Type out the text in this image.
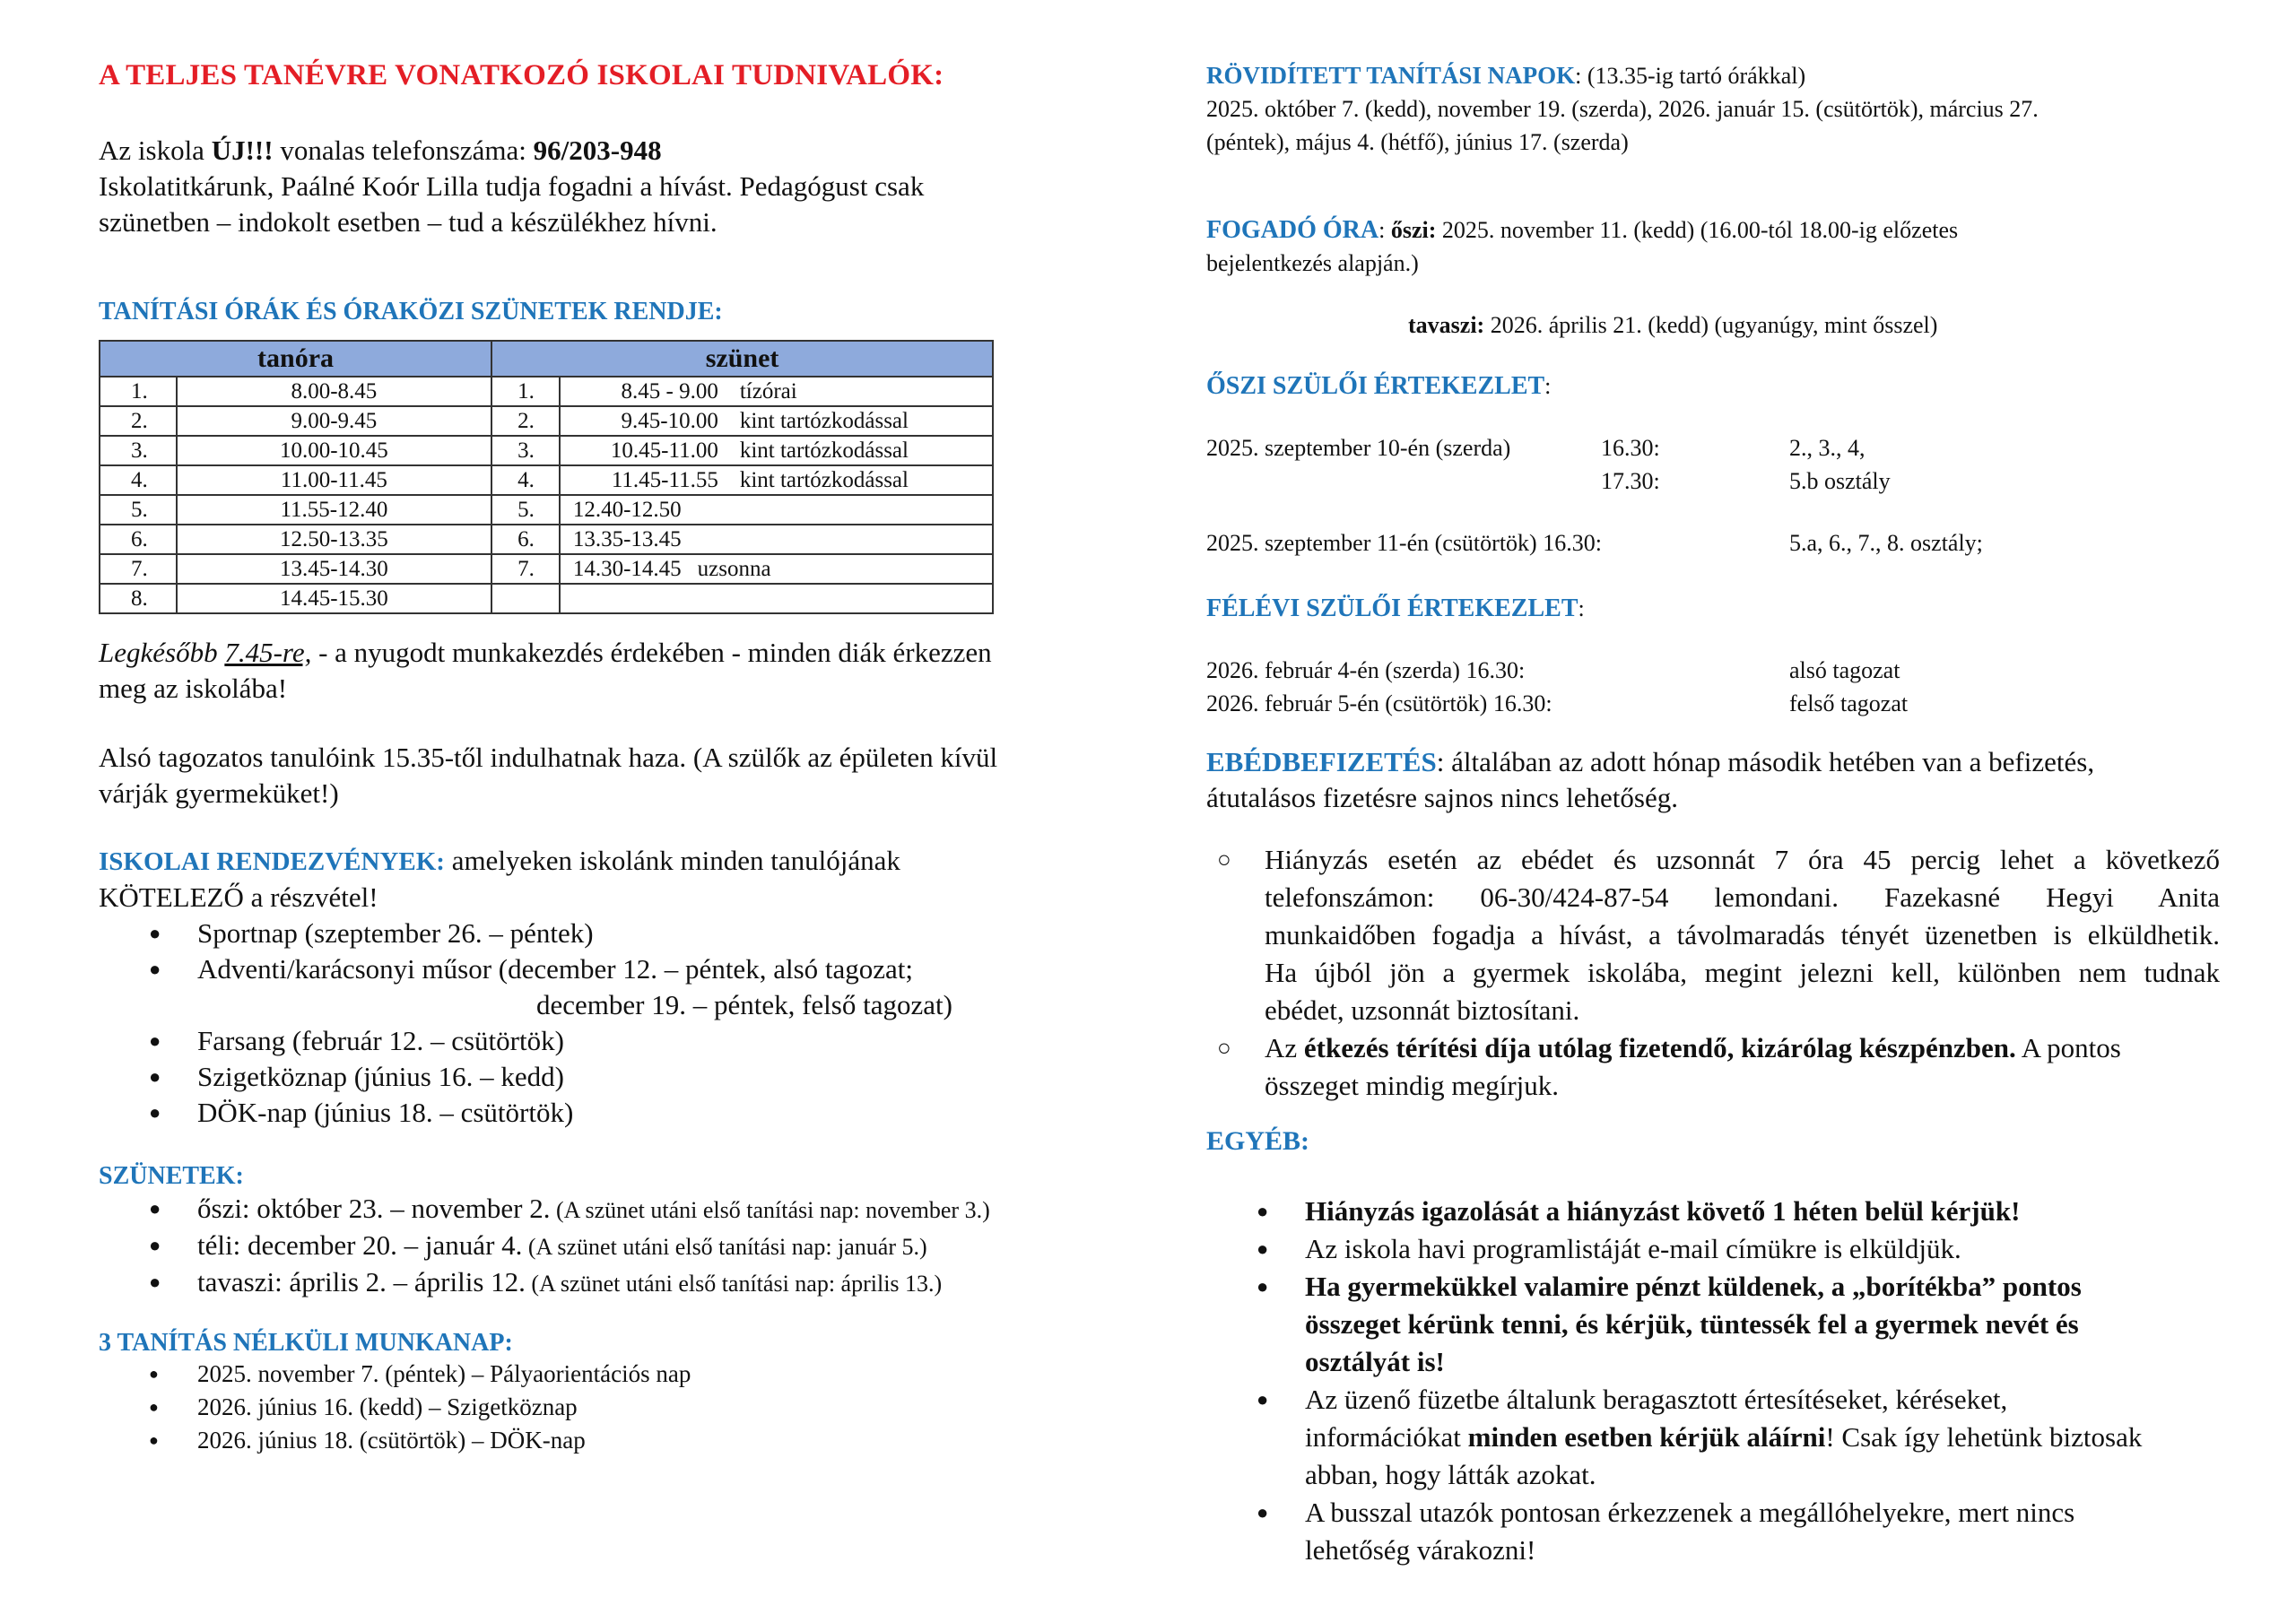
A TELJES TANÉVRE VONATKOZÓ ISKOLAI TUDNIVALÓK:
Az iskola ÚJ!!! vonalas telefonszáma: 96/203-948
Iskolatitkárunk, Paálné Koór Lilla tudja fogadni a hívást. Pedagógust csak
szünetben – indokolt esetben – tud a készülékhez hívni.
TANÍTÁSI ÓRÁK ÉS ÓRAKÖZI SZÜNETEK RENDJE:
tanóra		szünet	
1.	8.00-8.45	1.	8.45 - 9.00 tízórai
2.	9.00-9.45	2.	9.45-10.00 kint tartózkodással
3.	10.00-10.45	3.	10.45-11.00 kint tartózkodással
4.	11.00-11.45	4.	11.45-11.55 kint tartózkodással
5.	11.55-12.40	5.	12.40-12.50
6.	12.50-13.35	6.	13.35-13.45
7.	13.45-14.30	7.	14.30-14.45 uzsonna
8.	14.45-15.30		
Legkésőbb 7.45-re, - a nyugodt munkakezdés érdekében - minden diák érkezzen
meg az iskolába!
Alsó tagozatos tanulóink 15.35-től indulhatnak haza. (A szülők az épületen kívül
várják gyermeküket!)
ISKOLAI RENDEZVÉNYEK: amelyeken iskolánk minden tanulójának
KÖTELEZŐ a részvétel!
● Sportnap (szeptember 26. – péntek)
● Adventi/karácsonyi műsor (december 12. – péntek, alsó tagozat;
december 19. – péntek, felső tagozat)
● Farsang (február 12. – csütörtök)
● Szigetköznap (június 16. – kedd)
● DÖK-nap (június 18. – csütörtök)
SZÜNETEK:
● őszi: október 23. – november 2. (A szünet utáni első tanítási nap: november 3.)
● téli: december 20. – január 4. (A szünet utáni első tanítási nap: január 5.)
● tavaszi: április 2. – április 12. (A szünet utáni első tanítási nap: április 13.)
3 TANÍTÁS NÉLKÜLI MUNKANAP:
● 2025. november 7. (péntek) – Pályaorientációs nap
● 2026. június 16. (kedd) – Szigetköznap
● 2026. június 18. (csütörtök) – DÖK-nap
RÖVIDÍTETT TANÍTÁSI NAPOK: (13.35-ig tartó órákkal)
2025. október 7. (kedd), november 19. (szerda), 2026. január 15. (csütörtök), március 27.
(péntek), május 4. (hétfő), június 17. (szerda)
FOGADÓ ÓRA: őszi: 2025. november 11. (kedd) (16.00-tól 18.00-ig előzetes
bejelentkezés alapján.)
tavaszi: 2026. április 21. (kedd) (ugyanúgy, mint ősszel)
ŐSZI SZÜLŐI ÉRTEKEZLET:
2025. szeptember 10-én (szerda)	16.30:	2., 3., 4,
17.30:	5.b osztály
2025. szeptember 11-én (csütörtök) 16.30:	5.a, 6., 7., 8. osztály;
FÉLÉVI SZÜLŐI ÉRTEKEZLET:
2026. február 4-én (szerda) 16.30:	alsó tagozat
2026. február 5-én (csütörtök) 16.30:	felső tagozat
EBÉDBEFIZETÉS: általában az adott hónap második hetében van a befizetés,
átutalásos fizetésre sajnos nincs lehetőség.
○ Hiányzás esetén az ebédet és uzsonnát 7 óra 45 percig lehet a következő
telefonszámon: 06-30/424-87-54 lemondani. Fazekasné Hegyi Anita
munkaidőben fogadja a hívást, a távolmaradás tényét üzenetben is elküldhetik.
Ha újból jön a gyermek iskolába, megint jelezni kell, különben nem tudnak
ebédet, uzsonnát biztosítani.
○ Az étkezés térítési díja utólag fizetendő, kizárólag készpénzben. A pontos
összeget mindig megírjuk.
EGYÉB:
● Hiányzás igazolását a hiányzást követő 1 héten belül kérjük!
● Az iskola havi programlistáját e-mail címükre is elküldjük.
● Ha gyermekükkel valamire pénzt küldenek, a „borítékba” pontos
összeget kérünk tenni, és kérjük, tüntessék fel a gyermek nevét és
osztályát is!
● Az üzenő füzetbe általunk beragasztott értesítéseket, kéréseket,
információkat minden esetben kérjük aláírni! Csak így lehetünk biztosak
abban, hogy látták azokat.
● A busszal utazók pontosan érkezzenek a megállóhelyekre, mert nincs
lehetőség várakozni!
